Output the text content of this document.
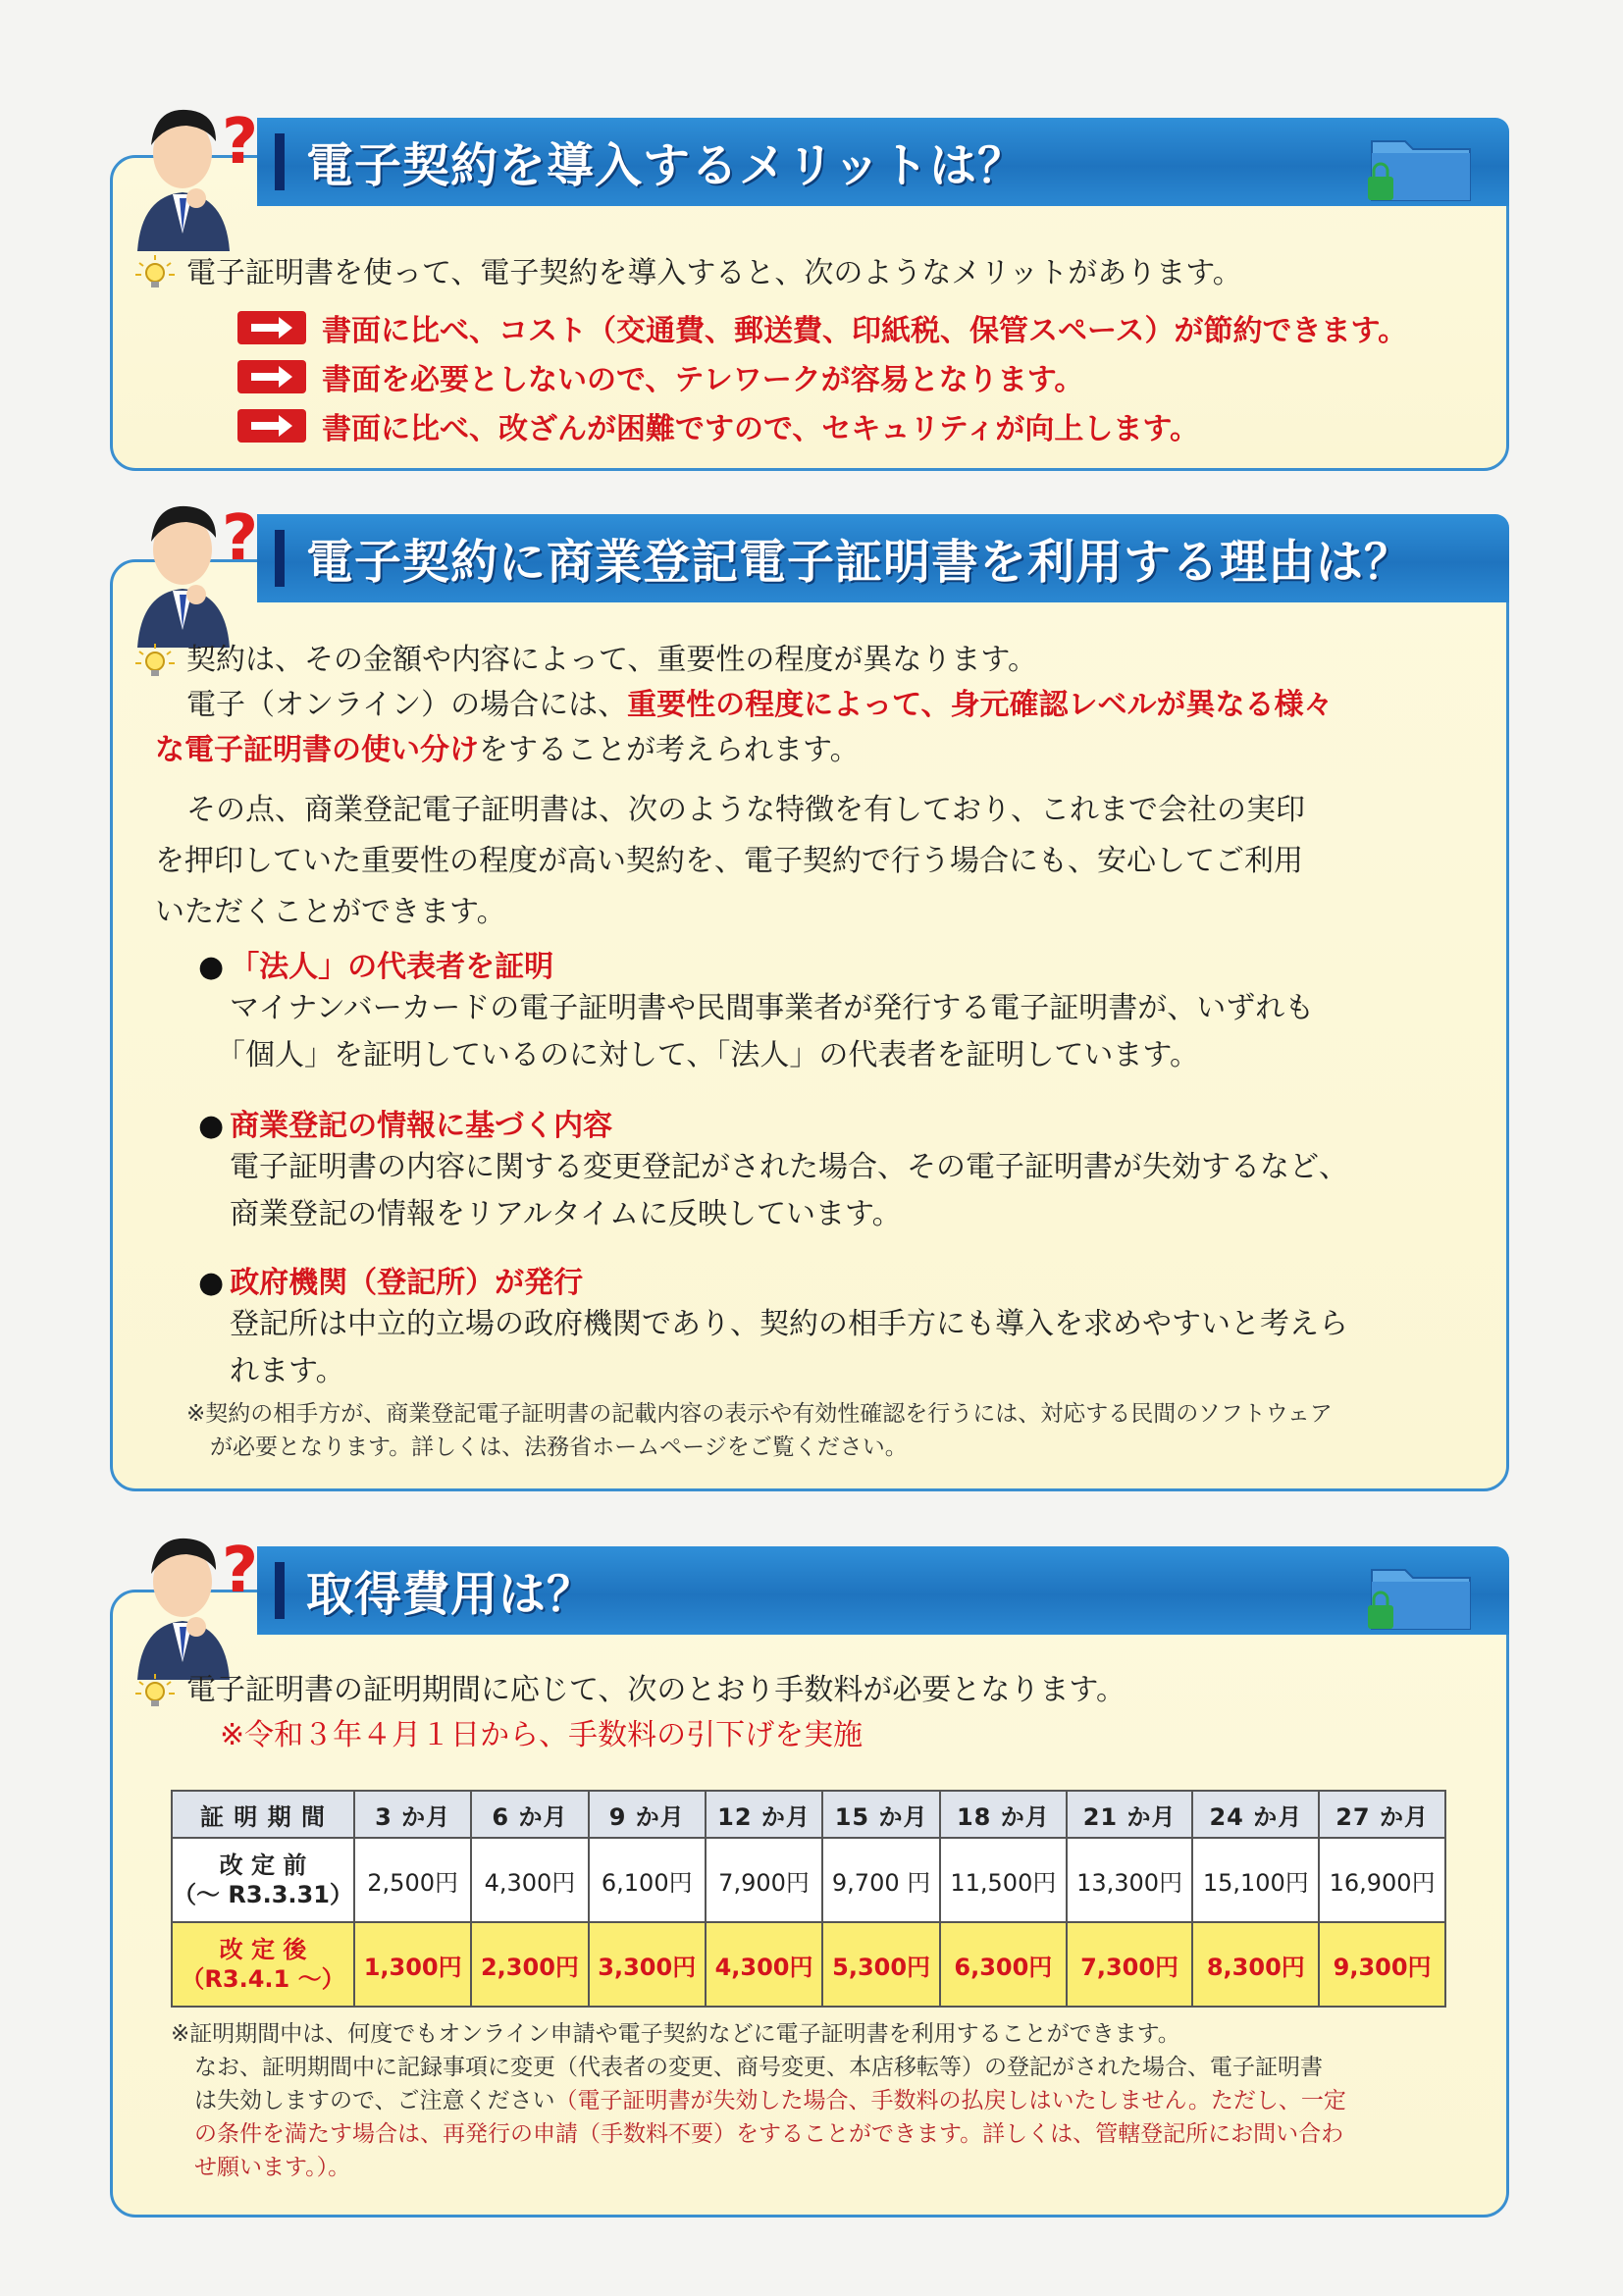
電子契約を導入するメリットは？
?
電子証明書を使って、電子契約を導入すると、次のようなメリットがあります。
書面に比べ、コスト（交通費、郵送費、印紙税、保管スペース）が節約できます。
書面を必要としないので、テレワークが容易となります。
書面に比べ、改ざんが困難ですので、セキュリティが向上します。
電子契約に商業登記電子証明書を利用する理由は？
?
契約は、その金額や内容によって、重要性の程度が異なります。
電子（オンライン）の場合には、重要性の程度によって、身元確認レベルが異なる様々
な電子証明書の使い分けをすることが考えられます。
その点、商業登記電子証明書は、次のような特徴を有しており、これまで会社の実印
を押印していた重要性の程度が高い契約を、電子契約で行う場合にも、安心してご利用
いただくことができます。
● 「法人」の代表者を証明
マイナンバーカードの電子証明書や民間事業者が発行する電子証明書が、いずれも
「個人」を証明しているのに対して、「法人」の代表者を証明しています。
● 商業登記の情報に基づく内容
電子証明書の内容に関する変更登記がされた場合、その電子証明書が失効するなど、
商業登記の情報をリアルタイムに反映しています。
● 政府機関（登記所）が発行
登記所は中立的立場の政府機関であり、契約の相手方にも導入を求めやすいと考えら
れます。
※契約の相手方が、商業登記電子証明書の記載内容の表示や有効性確認を行うには、対応する民間のソフトウェア
が必要となります。詳しくは、法務省ホームページをご覧ください。
取得費用は？
?
電子証明書の証明期間に応じて、次のとおり手数料が必要となります。
※令和３年４月１日から、手数料の引下げを実施
証 明 期 間	3 か月	6 か月	9 か月	12 か月	15 か月	18 か月	21 か月	24 か月	27 か月

改 定 前
（～ R3.3.31）	2,500円	4,300円	6,100円	7,900円	9,700 円	11,500円	13,300円	15,100円	16,900円

改 定 後
（R3.4.1 ～）	1,300円	2,300円	3,300円	4,300円	5,300円	6,300円	7,300円	8,300円	9,300円
※証明期間中は、何度でもオンライン申請や電子契約などに電子証明書を利用することができます。
なお、証明期間中に記録事項に変更（代表者の変更、商号変更、本店移転等）の登記がされた場合、電子証明書
は失効しますので、ご注意ください（電子証明書が失効した場合、手数料の払戻しはいたしません。ただし、一定
の条件を満たす場合は、再発行の申請（手数料不要）をすることができます。詳しくは、管轄登記所にお問い合わ
せ願います。）。
